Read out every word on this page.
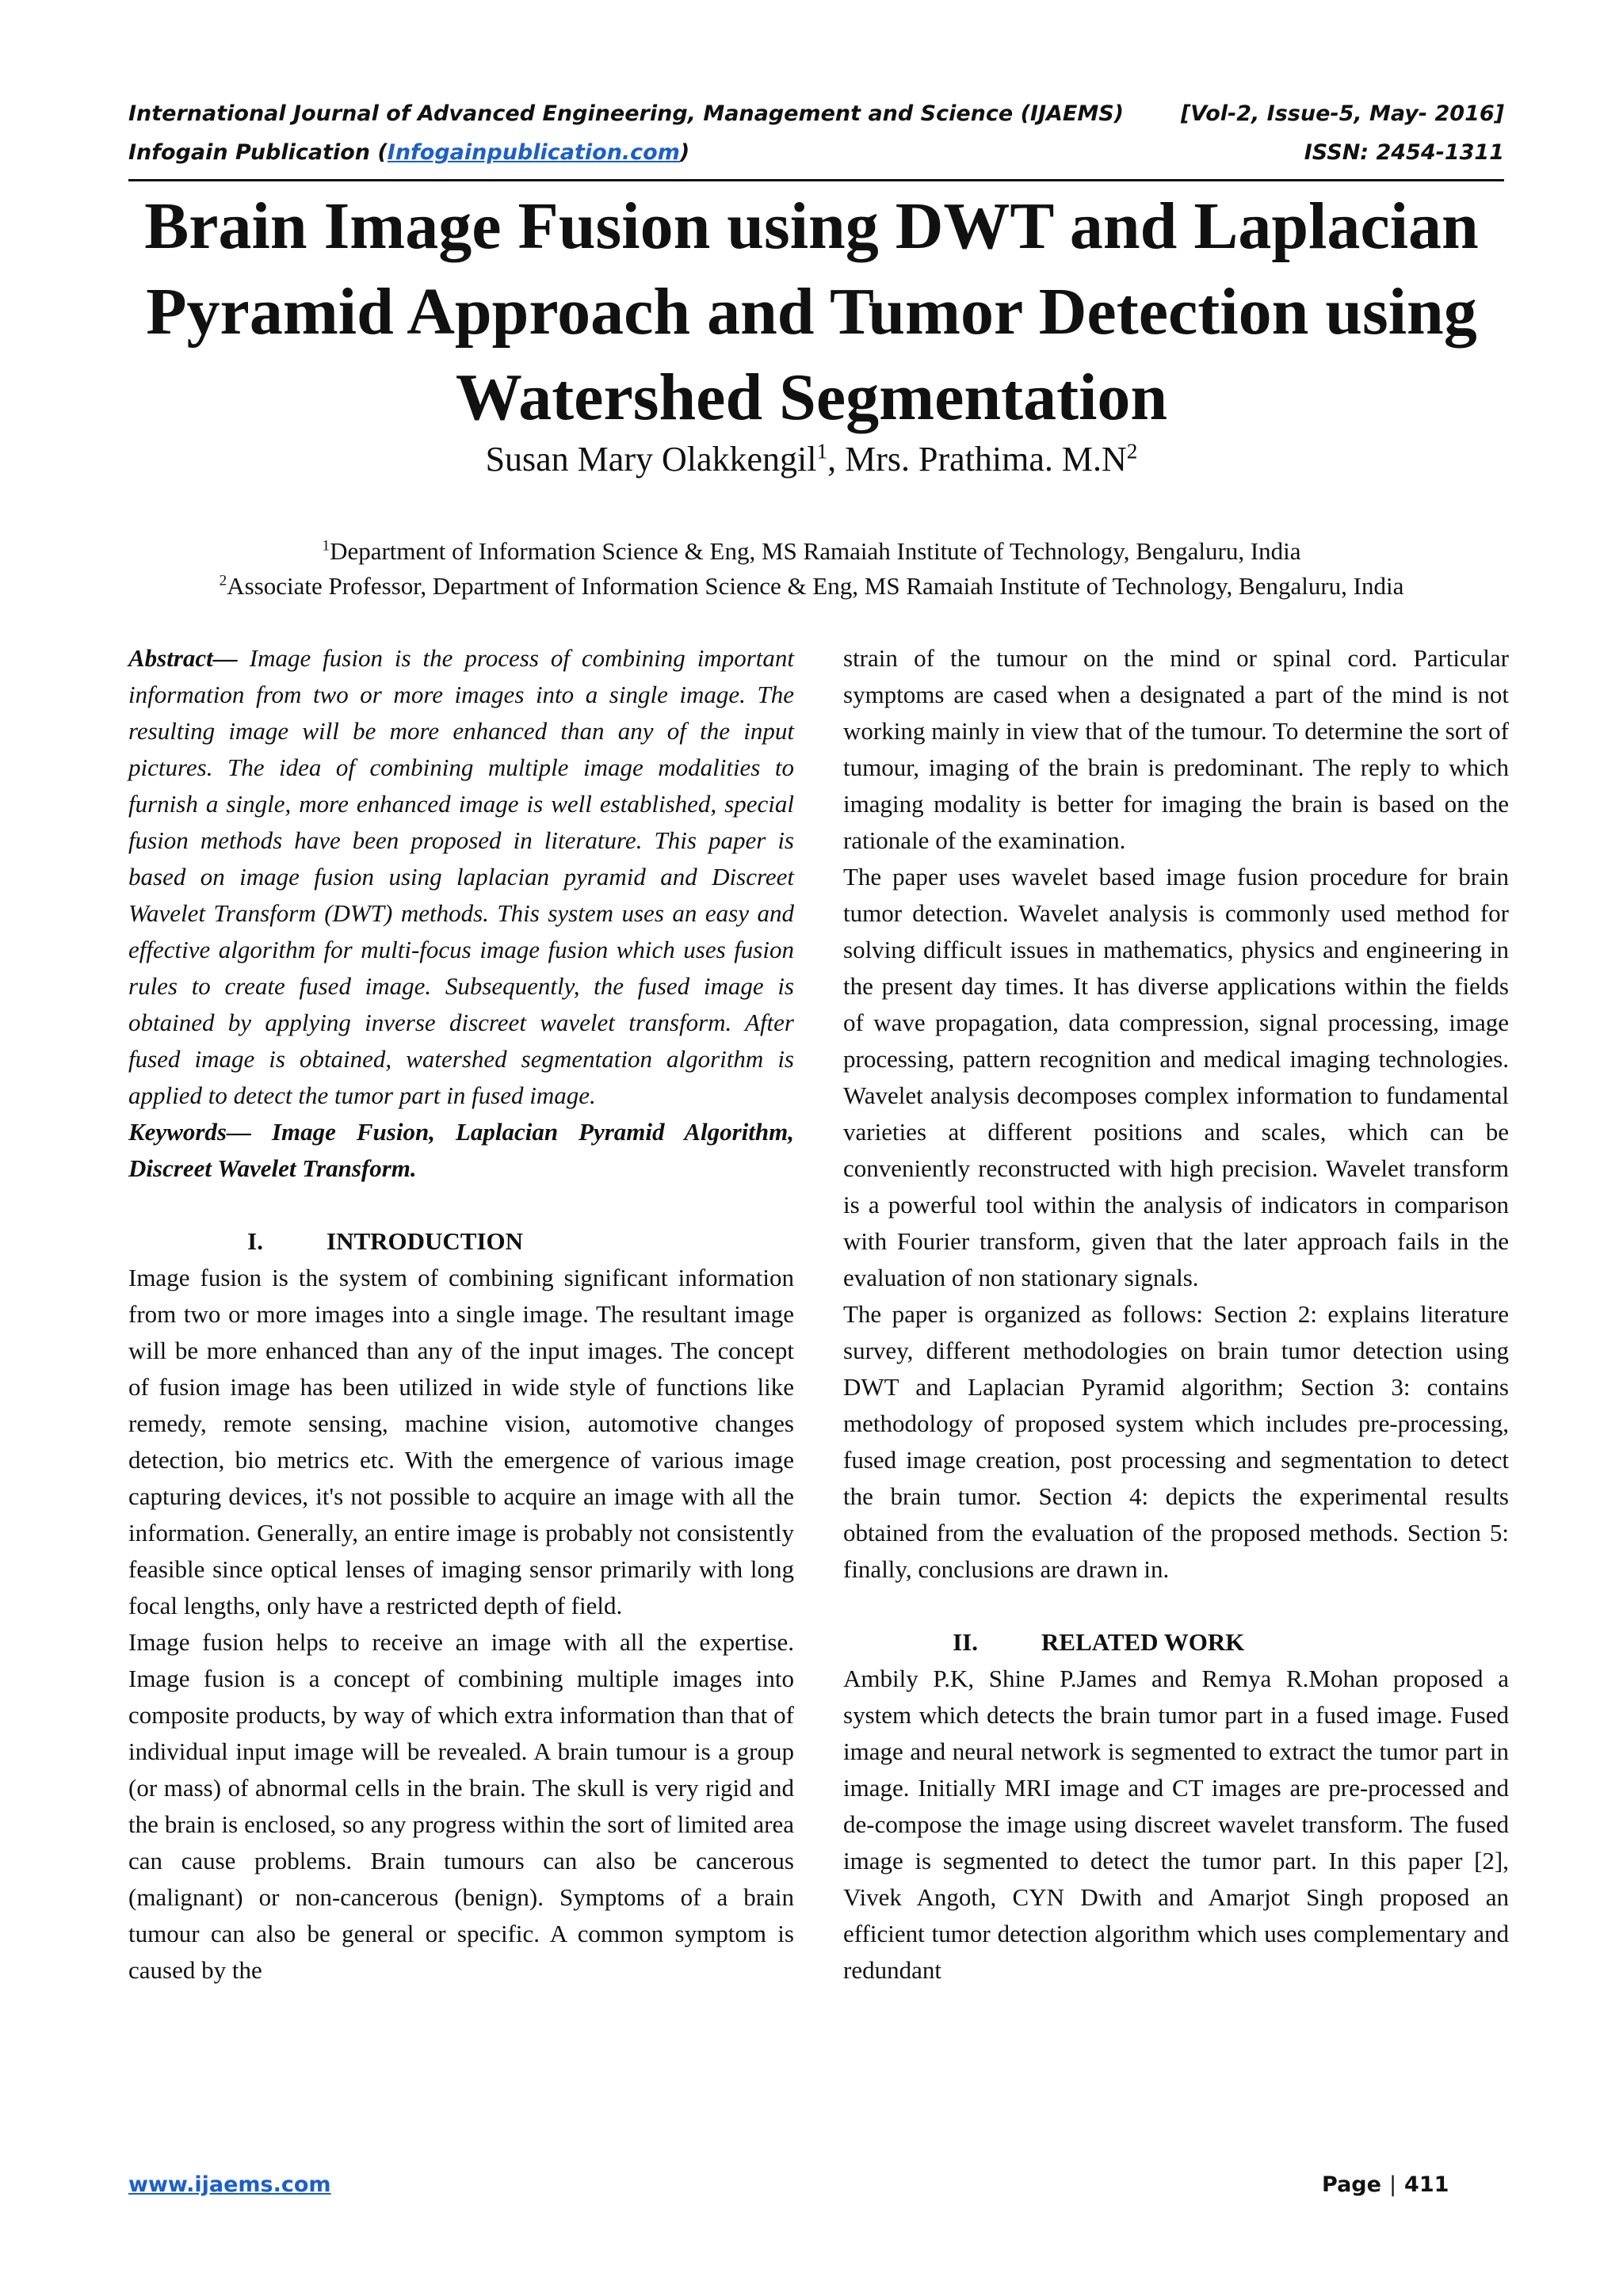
International Journal of Advanced Engineering, Management and Science (IJAEMS)	[Vol-2, Issue-5, May- 2016]
Infogain Publication (Infogainpublication.com)	ISSN: 2454-1311
Brain Image Fusion using DWT and Laplacian
Pyramid Approach and Tumor Detection using
Watershed Segmentation
Susan Mary Olakkengil$^1$, Mrs. Prathima. $M.N^2$
$^1$Department of Information Science & Eng, MS Ramaiah Institute of Technology, Bengaluru, India
$^2$Associate Professor, Department of Information Science & Eng, MS Ramaiah Institute of Technology, Bengaluru, India

Abstract— Image fusion is the process of combining important information from two or more images into a single image. The resulting image will be more enhanced than any of the input pictures. The idea of combining multiple image modalities to furnish a single, more enhanced image is well established, special fusion methods have been proposed in literature. This paper is based on image fusion using laplacian pyramid and Discreet Wavelet Transform (DWT) methods. This system uses an easy and effective algorithm for multi-focus image fusion which uses fusion rules to create fused image. Subsequently, the fused image is obtained by applying inverse discreet wavelet transform. After fused image is obtained, watershed segmentation algorithm is applied to detect the tumor part in fused image.

Keywords— Image Fusion, Laplacian Pyramid Algorithm, Discreet Wavelet Transform.

I.	INTRODUCTION

Image fusion is the system of combining significant information from two or more images into a single image. The resultant image will be more enhanced than any of the input images. The concept of fusion image has been utilized in wide style of functions like remedy, remote sensing, machine vision, automotive changes detection, bio metrics etc. With the emergence of various image capturing devices, it's not possible to acquire an image with all the information. Generally, an entire image is probably not consistently feasible since optical lenses of imaging sensor primarily with long focal lengths, only have a restricted depth of field.

Image fusion helps to receive an image with all the expertise. Image fusion is a concept of combining multiple images into composite products, by way of which extra information than that of individual input image will be revealed. A brain tumour is a group (or mass) of abnormal cells in the brain. The skull is very rigid and the brain is enclosed, so any progress within the sort of limited area can cause problems. Brain tumours can also be cancerous (malignant) or non-cancerous (benign). Symptoms of a brain tumour can also be general or specific. A common symptom is caused by the

strain of the tumour on the mind or spinal cord. Particular symptoms are cased when a designated a part of the mind is not working mainly in view that of the tumour. To determine the sort of tumour, imaging of the brain is predominant. The reply to which imaging modality is better for imaging the brain is based on the rationale of the examination.

The paper uses wavelet based image fusion procedure for brain tumor detection. Wavelet analysis is commonly used method for solving difficult issues in mathematics, physics and engineering in the present day times. It has diverse applications within the fields of wave propagation, data compression, signal processing, image processing, pattern recognition and medical imaging technologies. Wavelet analysis decomposes complex information to fundamental varieties at different positions and scales, which can be conveniently reconstructed with high precision. Wavelet transform is a powerful tool within the analysis of indicators in comparison with Fourier transform, given that the later approach fails in the evaluation of non stationary signals.

The paper is organized as follows: Section 2: explains literature survey, different methodologies on brain tumor detection using DWT and Laplacian Pyramid algorithm; Section 3: contains methodology of proposed system which includes pre-processing, fused image creation, post processing and segmentation to detect the brain tumor. Section 4: depicts the experimental results obtained from the evaluation of the proposed methods. Section 5: finally, conclusions are drawn in.

II.	RELATED WORK

Ambily P.K, Shine P.James and Remya R.Mohan proposed a system which detects the brain tumor part in a fused image. Fused image and neural network is segmented to extract the tumor part in image. Initially MRI image and CT images are pre-processed and de-compose the image using discreet wavelet transform. The fused image is segmented to detect the tumor part. In this paper [2], Vivek Angoth, CYN Dwith and Amarjot Singh proposed an efficient tumor detection algorithm which uses complementary and redundant

www.ijaems.com	Page | 411
